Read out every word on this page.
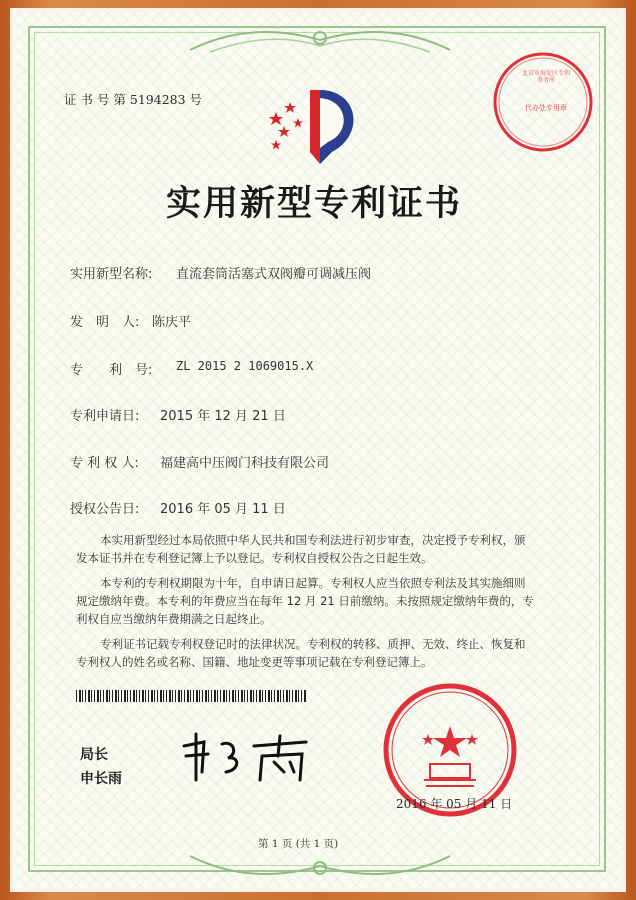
证 书 号 第 5194283 号
北京市海淀区专利事务所
代办处专用章
实用新型专利证书
实用新型名称: 直流套筒活塞式双阀瓣可调减压阀
发　明　人: 陈庆平
专　　利　号: ZL 2015 2 1069015.X
专利申请日: 2015 年 12 月 21 日
专 利 权 人: 福建高中压阀门科技有限公司
授权公告日: 2016 年 05 月 11 日
本实用新型经过本局依照中华人民共和国专利法进行初步审查，决定授予专利权，颁
发本证书并在专利登记簿上予以登记。专利权自授权公告之日起生效。
本专利的专利权期限为十年，自申请日起算。专利权人应当依照专利法及其实施细则
规定缴纳年费。本专利的年费应当在每年 12 月 21 日前缴纳。未按照规定缴纳年费的，专
利权自应当缴纳年费期满之日起终止。
专利证书记载专利权登记时的法律状况。专利权的转移、质押、无效、终止、恢复和
专利权人的姓名或名称、国籍、地址变更等事项记载在专利登记簿上。
局长
申长雨
2016 年 05 月 11 日
第 1 页 (共 1 页)
